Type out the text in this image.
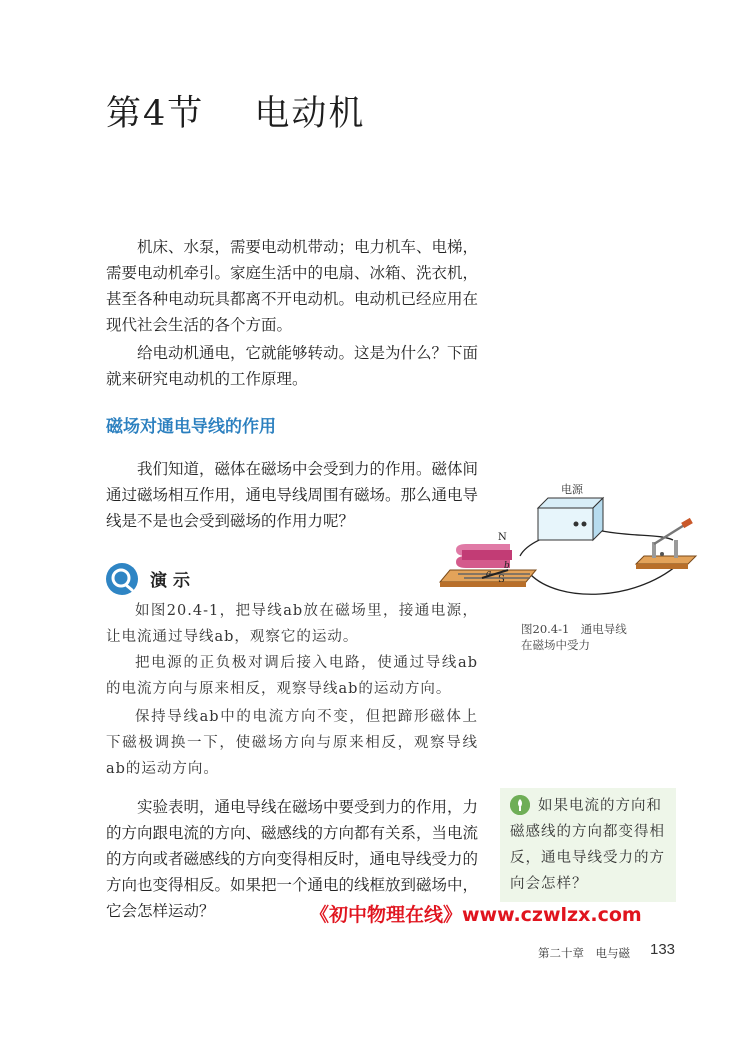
第4节　 电动机
机床、水泵，需要电动机带动；电力机车、电梯，需要电动机牵引。家庭生活中的电扇、冰箱、洗衣机，甚至各种电动玩具都离不开电动机。电动机已经应用在现代社会生活的各个方面。
给电动机通电，它就能够转动。这是为什么？下面就来研究电动机的工作原理。
磁场对通电导线的作用
我们知道，磁体在磁场中会受到力的作用。磁体间通过磁场相互作用，通电导线周围有磁场。那么通电导线是不是也会受到磁场的作用力呢？
演示
如图20.4-1，把导线ab放在磁场里，接通电源，让电流通过导线ab，观察它的运动。
把电源的正负极对调后接入电路，使通过导线ab的电流方向与原来相反，观察导线ab的运动方向。
保持导线ab中的电流方向不变，但把蹄形磁体上下磁极调换一下，使磁场方向与原来相反，观察导线ab的运动方向。
实验表明，通电导线在磁场中要受到力的作用，力的方向跟电流的方向、磁感线的方向都有关系，当电流的方向或者磁感线的方向变得相反时，通电导线受力的方向也变得相反。如果把一个通电的线框放到磁场中，它会怎样运动？
电源
N
S
a
b
图20.4-1　通电导线在磁场中受力
如果电流的方向和磁感线的方向都变得相反，通电导线受力的方向会怎样？
《初中物理在线》www.czwlzx.com
第二十章　电与磁 133
